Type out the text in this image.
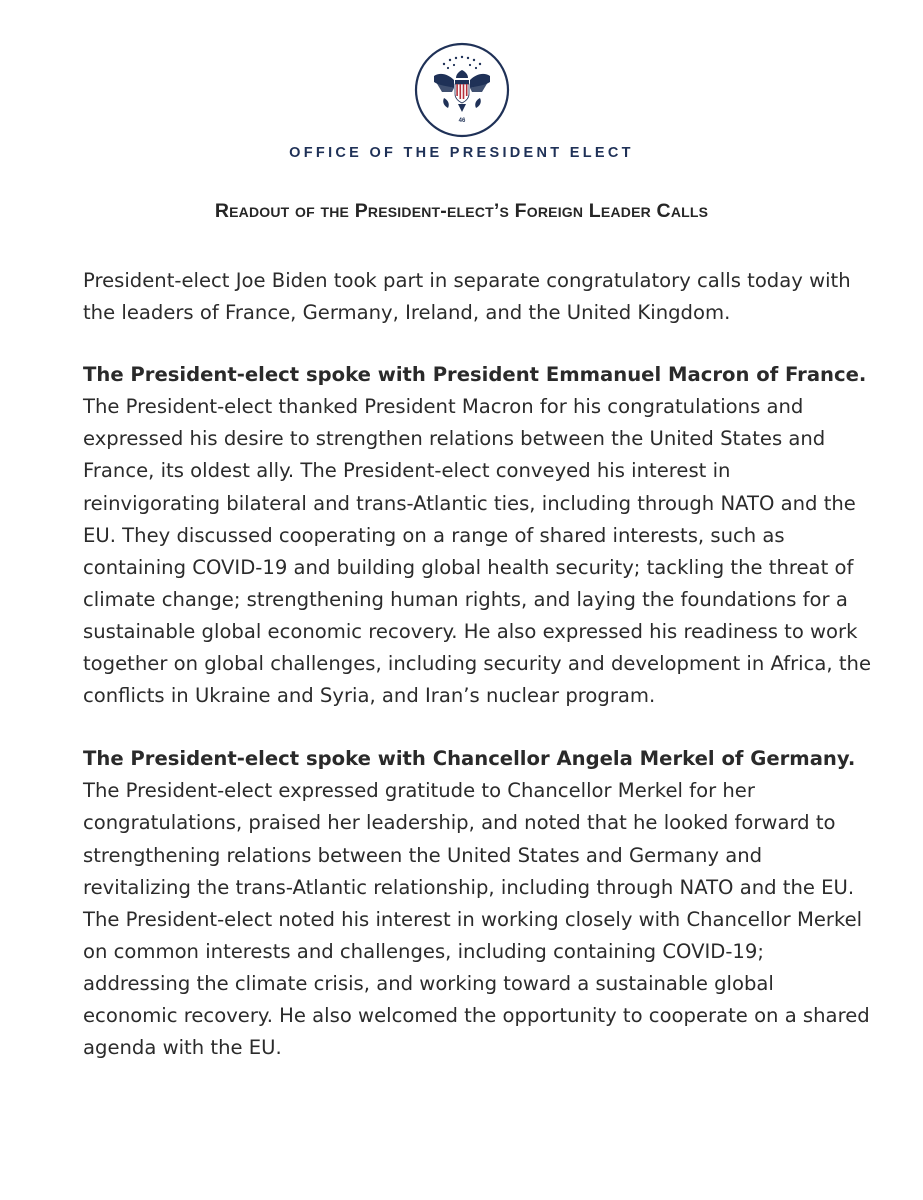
46

OFFICE OF THE PRESIDENT ELECT

Readout of the President-elect’s Foreign Leader Calls

President-elect Joe Biden took part in separate congratulatory calls today with the leaders of France, Germany, Ireland, and the United Kingdom.

The President-elect spoke with President Emmanuel Macron of France. The President-elect thanked President Macron for his congratulations and expressed his desire to strengthen relations between the United States and France, its oldest ally. The President-elect conveyed his interest in reinvigorating bilateral and trans-Atlantic ties, including through NATO and the EU. They discussed cooperating on a range of shared interests, such as containing COVID-19 and building global health security; tackling the threat of climate change; strengthening human rights, and laying the foundations for a sustainable global economic recovery. He also expressed his readiness to work together on global challenges, including security and development in Africa, the conflicts in Ukraine and Syria, and Iran’s nuclear program.

The President-elect spoke with Chancellor Angela Merkel of Germany. The President-elect expressed gratitude to Chancellor Merkel for her congratulations, praised her leadership, and noted that he looked forward to strengthening relations between the United States and Germany and revitalizing the trans-Atlantic relationship, including through NATO and the EU. The President-elect noted his interest in working closely with Chancellor Merkel on common interests and challenges, including containing COVID-19; addressing the climate crisis, and working toward a sustainable global economic recovery. He also welcomed the opportunity to cooperate on a shared agenda with the EU.
